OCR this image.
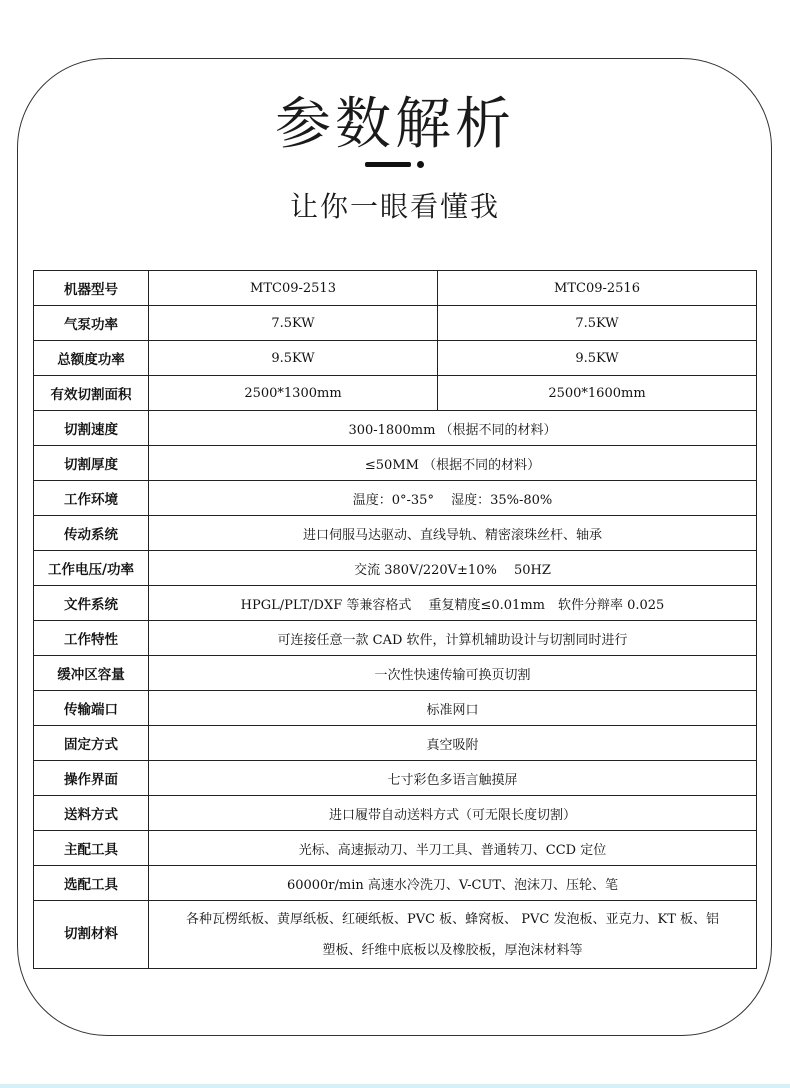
参数解析
让你一眼看懂我
机器型号	MTC09-2513	MTC09-2516
气泵功率	7.5KW	7.5KW
总额度功率	9.5KW	9.5KW
有效切割面积	2500*1300mm	2500*1600mm
切割速度	300-1800mm （根据不同的材料）	
切割厚度	≤50MM （根据不同的材料）	
工作环境	温度：0°-35°　 湿度：35%-80%	
传动系统	进口伺服马达驱动、直线导轨、精密滚珠丝杆、轴承	
工作电压/功率	交流 380V/220V±10%　 50HZ	
文件系统	HPGL/PLT/DXF 等兼容格式　 重复精度≤0.01mm　软件分辩率 0.025	
工作特性	可连接任意一款 CAD 软件，计算机辅助设计与切割同时进行	
缓冲区容量	一次性快速传输可换页切割	
传输端口	标准网口	
固定方式	真空吸附	
操作界面	七寸彩色多语言触摸屏	
送料方式	进口履带自动送料方式（可无限长度切割）	
主配工具	光标、高速振动刀、半刀工具、普通转刀、CCD 定位	
选配工具	60000r/min 高速水冷洗刀、V-CUT、泡沫刀、压轮、笔	
切割材料	各种瓦楞纸板、黄厚纸板、红硬纸板、PVC 板、蜂窝板、 PVC 发泡板、亚克力、KT 板、铝
塑板、纤维中底板以及橡胶板，厚泡沫材料等	
